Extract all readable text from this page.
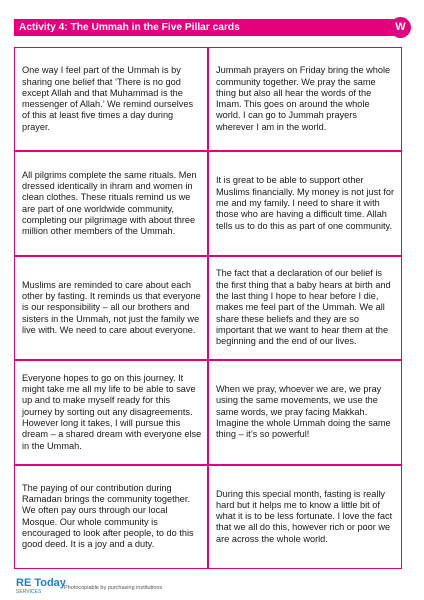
Activity 4: The Ummah in the Five Pillar cards	W

One way I feel part of the Ummah is by sharing one belief that ‘There is no god except Allah and that Muhammad is the messenger of Allah.’ We remind ourselves of this at least five times a day during prayer.

Jummah prayers on Friday bring the whole community together. We pray the same thing but also all hear the words of the Imam. This goes on around the whole world. I can go to Jummah prayers wherever I am in the world.

All pilgrims complete the same rituals. Men dressed identically in ihram and women in clean clothes. These rituals remind us we are part of one worldwide community, completing our pilgrimage with about three million other members of the Ummah.

It is great to be able to support other Muslims financially. My money is not just for me and my family. I need to share it with those who are having a difficult time. Allah tells us to do this as part of one community.

Muslims are reminded to care about each other by fasting. It reminds us that everyone is our responsibility – all our brothers and sisters in the Ummah, not just the family we live with. We need to care about everyone.

The fact that a declaration of our belief is the first thing that a baby hears at birth and the last thing I hope to hear before I die, makes me feel part of the Ummah. We all share these beliefs and they are so important that we want to hear them at the beginning and the end of our lives.

Everyone hopes to go on this journey. It might take me all my life to be able to save up and to make myself ready for this journey by sorting out any disagreements. However long it takes, I will pursue this dream – a shared dream with everyone else in the Ummah.

When we pray, whoever we are, we pray using the same movements, we use the same words, we pray facing Makkah. Imagine the whole Ummah doing the same thing – it’s so powerful!

The paying of our contribution during Ramadan brings the community together. We often pay ours through our local Mosque. Our whole community is encouraged to look after people, to do this good deed. It is a joy and a duty.

During this special month, fasting is really hard but it helps me to know a little bit of what it is to be less fortunate. I love the fact that we all do this, however rich or poor we are across the whole world.

RE Today
SERVICES
Photocopiable by purchasing institutions
